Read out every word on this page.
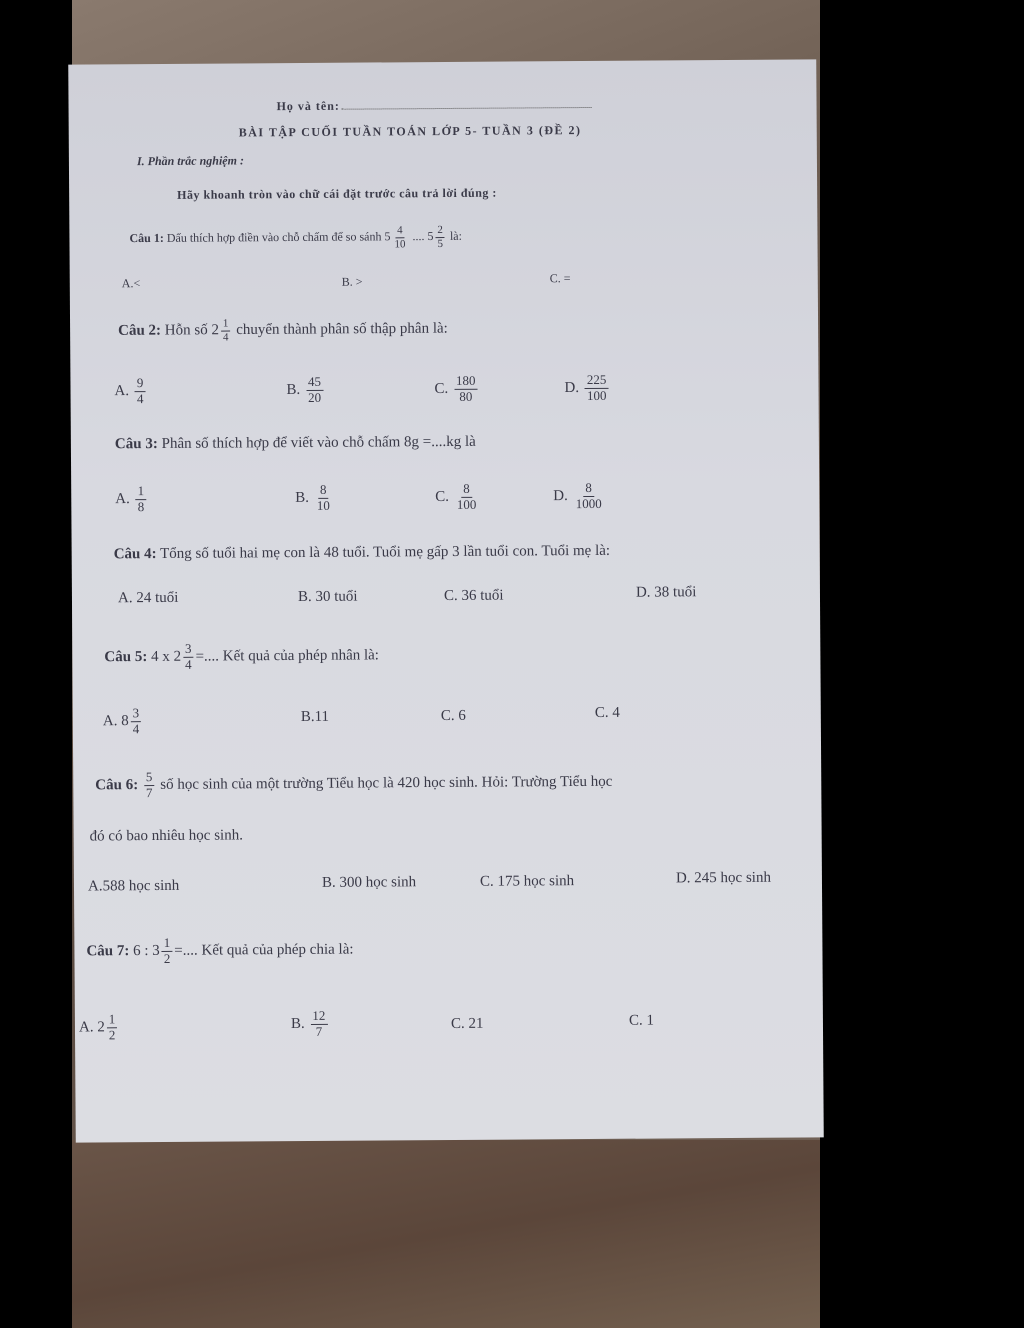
Họ và tên:
BÀI TẬP CUỐI TUẦN TOÁN LỚP 5- TUẦN 3 (ĐỀ 2)
I. Phần trắc nghiệm :
Hãy khoanh tròn vào chữ cái đặt trước câu trả lời đúng :
Câu 1: Dấu thích hợp điền vào chỗ chấm để so sánh $5 \frac{4}{10}$ .... $5 \frac{2}{5}$ là:
A.<	B. >	C. =
Câu 2: Hỗn số $2 \frac{1}{4}$ chuyển thành phân số thập phân là:
A. $\frac{9}{4}$	B. $\frac{45}{20}$	C. $\frac{180}{80}$	D. $\frac{225}{100}$
Câu 3: Phân số thích hợp để viết vào chỗ chấm 8g =....kg là
A. $\frac{1}{8}$	B. $\frac{8}{10}$	C. $\frac{8}{100}$	D. $\frac{8}{1000}$
Câu 4: Tổng số tuổi hai mẹ con là 48 tuổi. Tuổi mẹ gấp 3 lần tuổi con. Tuổi mẹ là:
A. 24 tuổi	B. 30 tuổi	C. 36 tuổi	D. 38 tuổi
Câu 5: 4 x $2 \frac{3}{4}$ =.... Kết quả của phép nhân là:
A. $8 \frac{3}{4}$	B.11	C. 6	C. 4
Câu 6: $\frac{5}{7}$ số học sinh của một trường Tiểu học là 420 học sinh. Hỏi: Trường Tiểu học
đó có bao nhiêu học sinh.
A.588 học sinh	B. 300 học sinh	C. 175 học sinh	D. 245 học sinh
Câu 7: 6 : $3 \frac{1}{2}$ =.... Kết quả của phép chia là:
A. $2 \frac{1}{2}$	B. $\frac{12}{7}$	C. 21	C. 1
